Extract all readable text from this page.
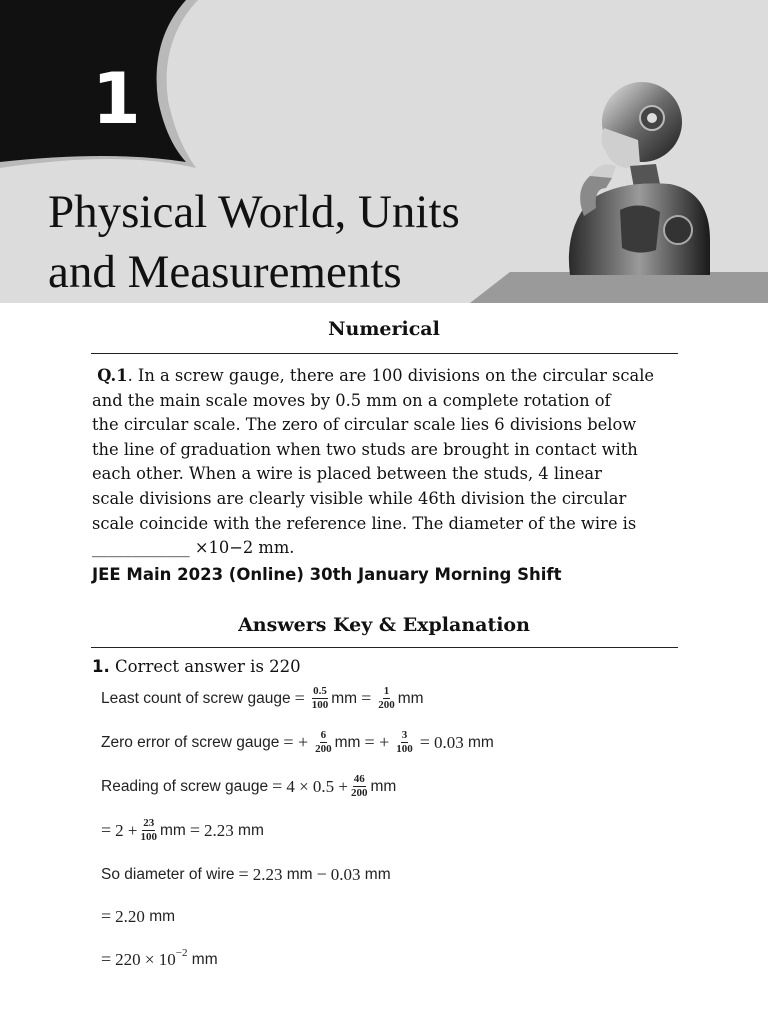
1
Physical World, Units
and Measurements
Numerical
Q.1. In a screw gauge, there are 100 divisions on the circular scale
and the main scale moves by 0.5 mm on a complete rotation of
the circular scale. The zero of circular scale lies 6 divisions below
the line of graduation when two studs are brought in contact with
each other. When a wire is placed between the studs, 4 linear
scale divisions are clearly visible while 46th division the circular
scale coincide with the reference line. The diameter of the wire is
____________ ×10−2 mm.
JEE Main 2023 (Online) 30th January Morning Shift
Answers Key & Explanation
1. Correct answer is 220
Least count of screw gauge = $\frac{0.5}{100}$ mm = $\frac{1}{200}$ mm
Zero error of screw gauge = + $\frac{6}{200}$ mm = + $\frac{3}{100} = 0.03$
mm
Reading of screw gauge = $4 \times 0.5 + \frac{46}{200}$ mm
= $2 + \frac{23}{100}$ mm = 2.23
mm
So diameter of wire = 2.23
mm − 0.03
mm
= 2.20
mm
= $220 \times 10^{-2}$
mm
